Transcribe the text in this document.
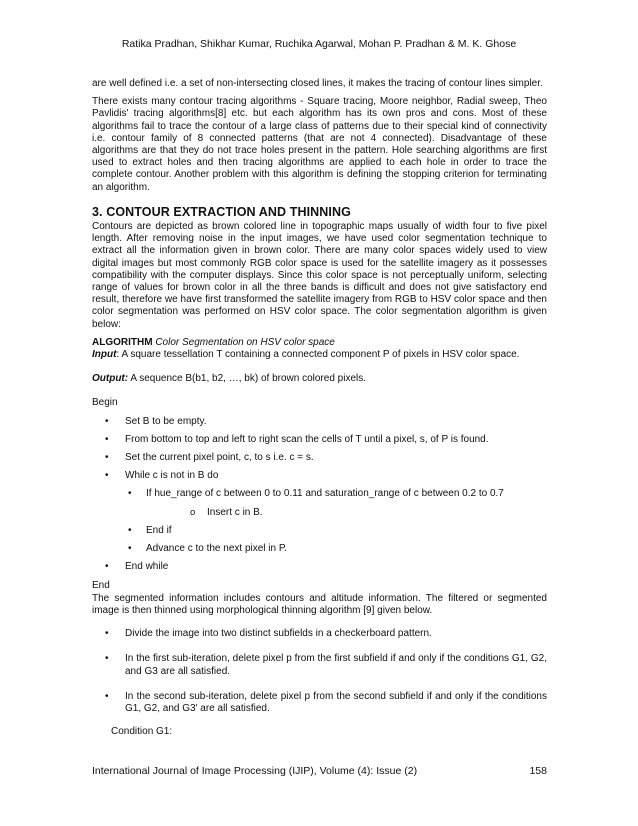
Ratika Pradhan, Shikhar Kumar, Ruchika Agarwal, Mohan P. Pradhan & M. K. Ghose

are well defined i.e. a set of non-intersecting closed lines, it makes the tracing of contour lines simpler.

There exists many contour tracing algorithms - Square tracing, Moore neighbor, Radial sweep, Theo Pavlidis' tracing algorithms[8] etc. but each algorithm has its own pros and cons. Most of these algorithms fail to trace the contour of a large class of patterns due to their special kind of connectivity i.e. contour family of 8 connected patterns (that are not 4 connected). Disadvantage of these algorithms are that they do not trace holes present in the pattern. Hole searching algorithms are first used to extract holes and then tracing algorithms are applied to each hole in order to trace the complete contour. Another problem with this algorithm is defining the stopping criterion for terminating an algorithm.

3. CONTOUR EXTRACTION AND THINNING

Contours are depicted as brown colored line in topographic maps usually of width four to five pixel length. After removing noise in the input images, we have used color segmentation technique to extract all the information given in brown color. There are many color spaces widely used to view digital images but most commonly RGB color space is used for the satellite imagery as it possesses compatibility with the computer displays. Since this color space is not perceptually uniform, selecting range of values for brown color in all the three bands is difficult and does not give satisfactory end result, therefore we have first transformed the satellite imagery from RGB to HSV color space and then color segmentation was performed on HSV color space. The color segmentation algorithm is given below:

ALGORITHM Color Segmentation on HSV color space
Input: A square tessellation T containing a connected component P of pixels in HSV color space.
Output: A sequence B(b1, b2, …, bk) of brown colored pixels.
Begin
• Set B to be empty.
• From bottom to top and left to right scan the cells of T until a pixel, s, of P is found.
• Set the current pixel point, c, to s i.e. c = s.
• While c is not in B do
• If hue_range of c between 0 to 0.11 and saturation_range of c between 0.2 to 0.7
o Insert c in B.
• End if
• Advance c to the next pixel in P.
• End while
End

The segmented information includes contours and altitude information. The filtered or segmented image is then thinned using morphological thinning algorithm [9] given below.

• Divide the image into two distinct subfields in a checkerboard pattern.
• In the first sub-iteration, delete pixel p from the first subfield if and only if the conditions G1, G2, and G3 are all satisfied.
• In the second sub-iteration, delete pixel p from the second subfield if and only if the conditions G1, G2, and G3' are all satisfied.
Condition G1:
International Journal of Image Processing (IJIP), Volume (4): Issue (2)	158
